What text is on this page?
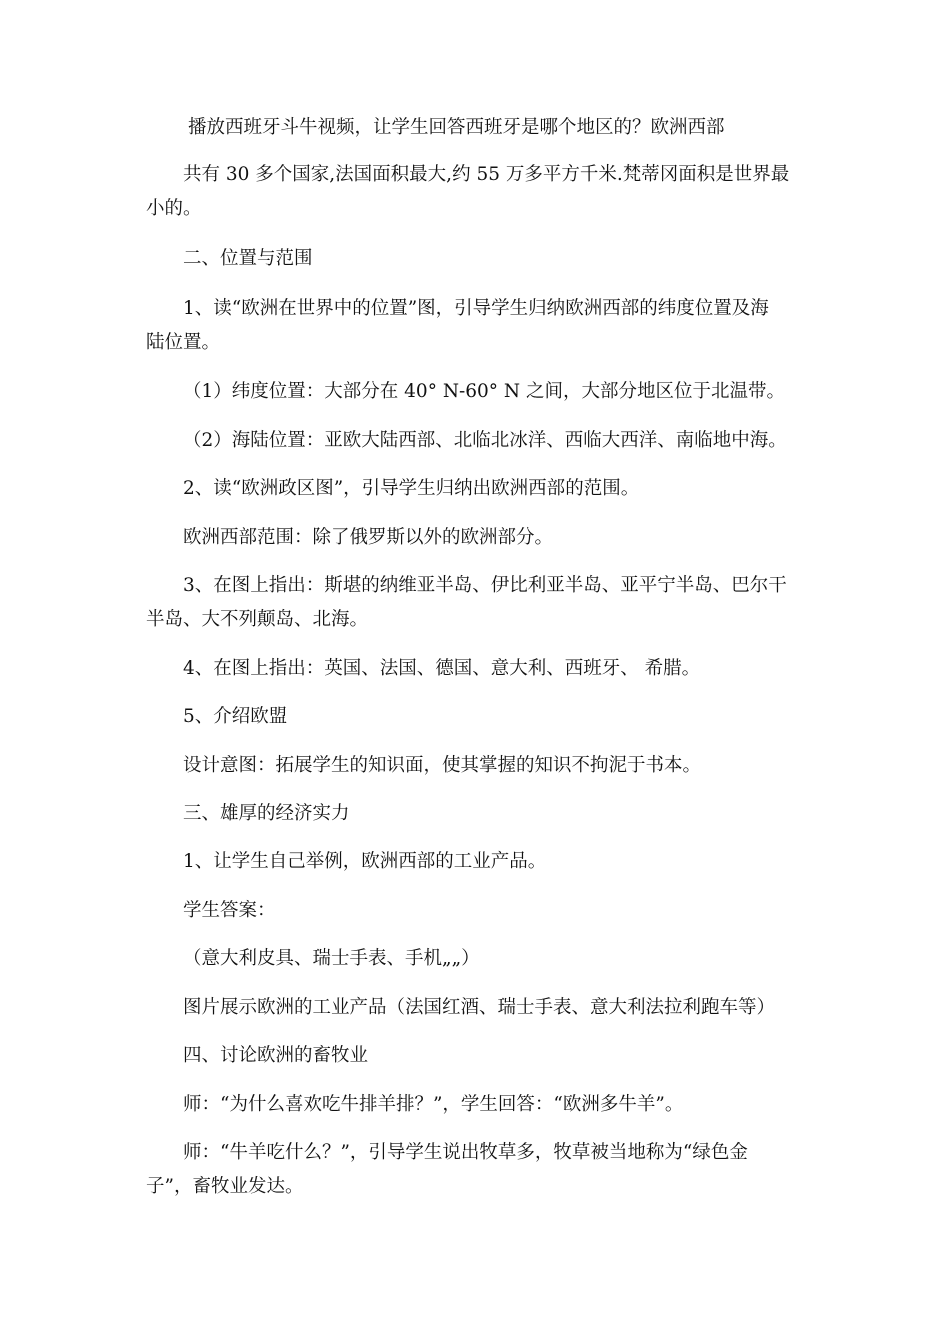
播放西班牙斗牛视频，让学生回答西班牙是哪个地区的？欧洲西部
共有 30 多个国家,法国面积最大,约 55 万多平方千米.梵蒂冈面积是世界最
小的。
二、位置与范围
1、读“欧洲在世界中的位置”图，引导学生归纳欧洲西部的纬度位置及海
陆位置。
（1）纬度位置：大部分在 40° N-60° N 之间，大部分地区位于北温带。
（2）海陆位置：亚欧大陆西部、北临北冰洋、西临大西洋、南临地中海。
2、读“欧洲政区图”，引导学生归纳出欧洲西部的范围。
欧洲西部范围：除了俄罗斯以外的欧洲部分。
3、在图上指出：斯堪的纳维亚半岛、伊比利亚半岛、亚平宁半岛、巴尔干
半岛、大不列颠岛、北海。
4、在图上指出：英国、法国、德国、意大利、西班牙、 希腊。
5、介绍欧盟
设计意图：拓展学生的知识面，使其掌握的知识不拘泥于书本。
三、雄厚的经济实力
1、让学生自己举例，欧洲西部的工业产品。
学生答案：
（意大利皮具、瑞士手表、手机„„）
图片展示欧洲的工业产品（法国红酒、瑞士手表、意大利法拉利跑车等）
四、讨论欧洲的畜牧业
师：“为什么喜欢吃牛排羊排？”，学生回答：“欧洲多牛羊”。
师：“牛羊吃什么？”，引导学生说出牧草多，牧草被当地称为“绿色金
子”，畜牧业发达。
